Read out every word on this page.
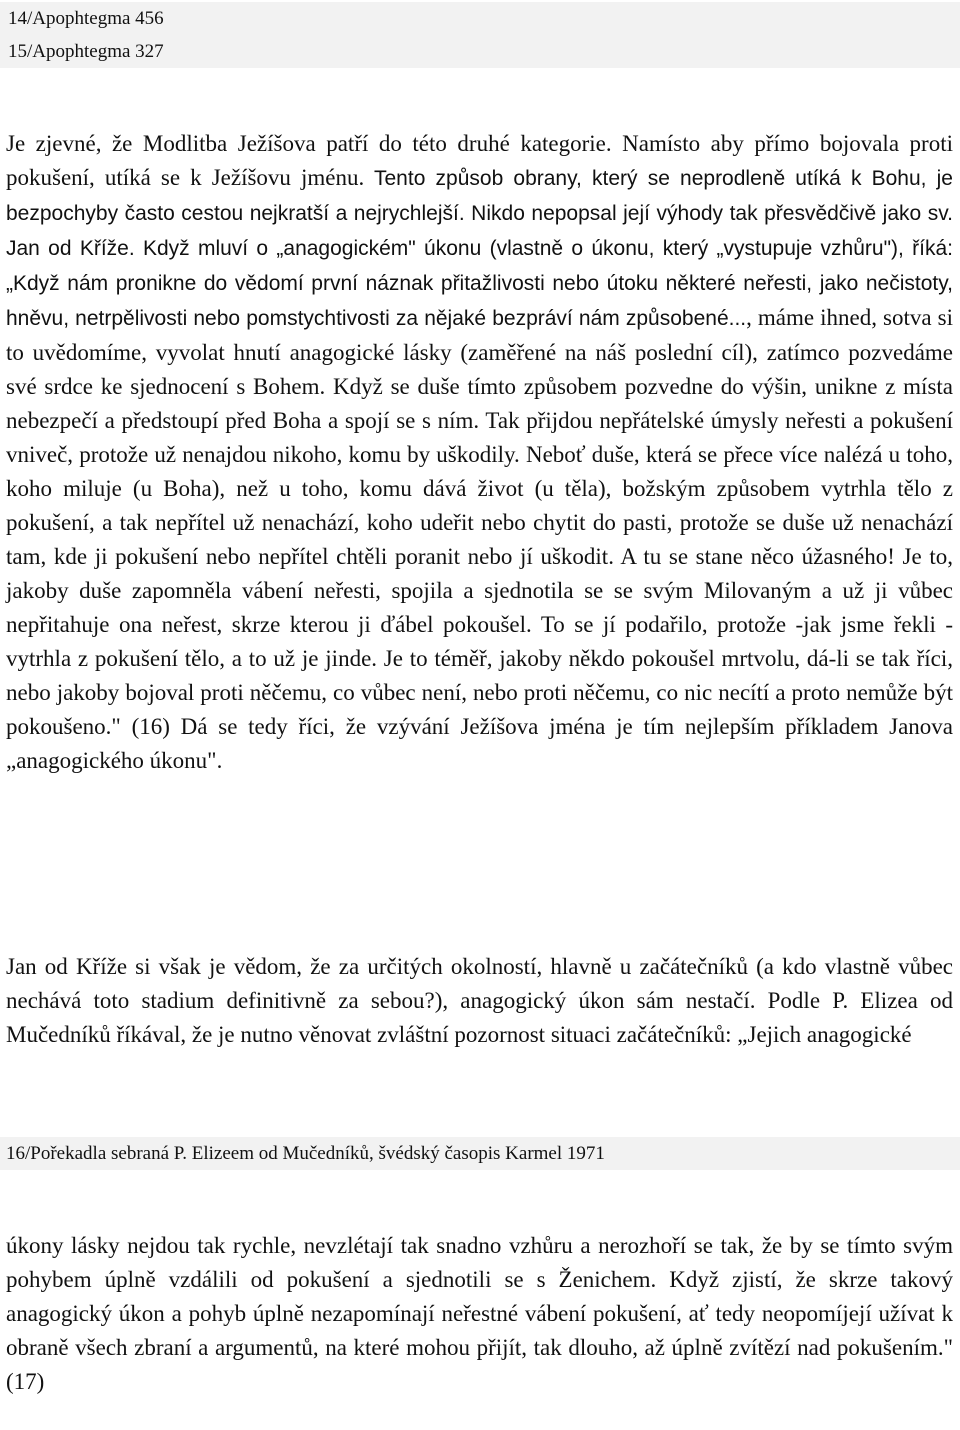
14/Apophtegma 456
15/Apophtegma 327

Je zjevné, že Modlitba Ježíšova patří do této druhé kategorie. Namísto aby přímo bojovala proti pokušení, utíká se k Ježíšovu jménu. Tento způsob obrany, který se neprodleně utíká k Bohu, je bezpochyby často cestou nejkratší a nejrychlejší. Nikdo nepopsal její výhody tak přesvědčivě jako sv. Jan od Kříže. Když mluví o „anagogickém" úkonu (vlastně o úkonu, který „vystupuje vzhůru"), říká: „Když nám pronikne do vědomí první náznak přitažlivosti nebo útoku některé neřesti, jako nečistoty, hněvu, netrpělivosti nebo pomstychtivosti za nějaké bezpráví nám způsobené..., máme ihned, sotva si to uvědomíme, vyvolat hnutí anagogické lásky (zaměřené na náš poslední cíl), zatímco pozvedáme své srdce ke sjednocení s Bohem. Když se duše tímto způsobem pozvedne do výšin, unikne z místa nebezpečí a předstoupí před Boha a spojí se s ním. Tak přijdou nepřátelské úmysly neřesti a pokušení vniveč, protože už nenajdou nikoho, komu by uškodily. Neboť duše, která se přece více nalézá u toho, koho miluje (u Boha), než u toho, komu dává život (u těla), božským způsobem vytrhla tělo z pokušení, a tak nepřítel už nenachází, koho udeřit nebo chytit do pasti, protože se duše už nenachází tam, kde ji pokušení nebo nepřítel chtěli poranit nebo jí uškodit. A tu se stane něco úžasného! Je to, jakoby duše zapomněla vábení neřesti, spojila a sjednotila se se svým Milovaným a už ji vůbec nepřitahuje ona neřest, skrze kterou ji ďábel pokoušel. To se jí podařilo, protože -jak jsme řekli - vytrhla z pokušení tělo, a to už je jinde. Je to téměř, jakoby někdo pokoušel mrtvolu, dá-li se tak říci, nebo jakoby bojoval proti něčemu, co vůbec není, nebo proti něčemu, co nic necítí a proto nemůže být pokoušeno." (16) Dá se tedy říci, že vzývání Ježíšova jména je tím nejlepším příkladem Janova „anagogického úkonu".

Jan od Kříže si však je vědom, že za určitých okolností, hlavně u začátečníků (a kdo vlastně vůbec nechává toto stadium definitivně za sebou?), anagogický úkon sám nestačí. Podle P. Elizea od Mučedníků říkával, že je nutno věnovat zvláštní pozornost situaci začátečníků: „Jejich anagogické

16/Pořekadla sebraná P. Elizeem od Mučedníků, švédský časopis Karmel 1971

úkony lásky nejdou tak rychle, nevzlétají tak snadno vzhůru a nerozhoří se tak, že by se tímto svým pohybem úplně vzdálili od pokušení a sjednotili se s Ženichem. Když zjistí, že skrze takový anagogický úkon a pohyb úplně nezapomínají neřestné vábení pokušení, ať tedy neopomíjejí užívat k obraně všech zbraní a argumentů, na které mohou přijít, tak dlouho, až úplně zvítězí nad pokušením." (17)
